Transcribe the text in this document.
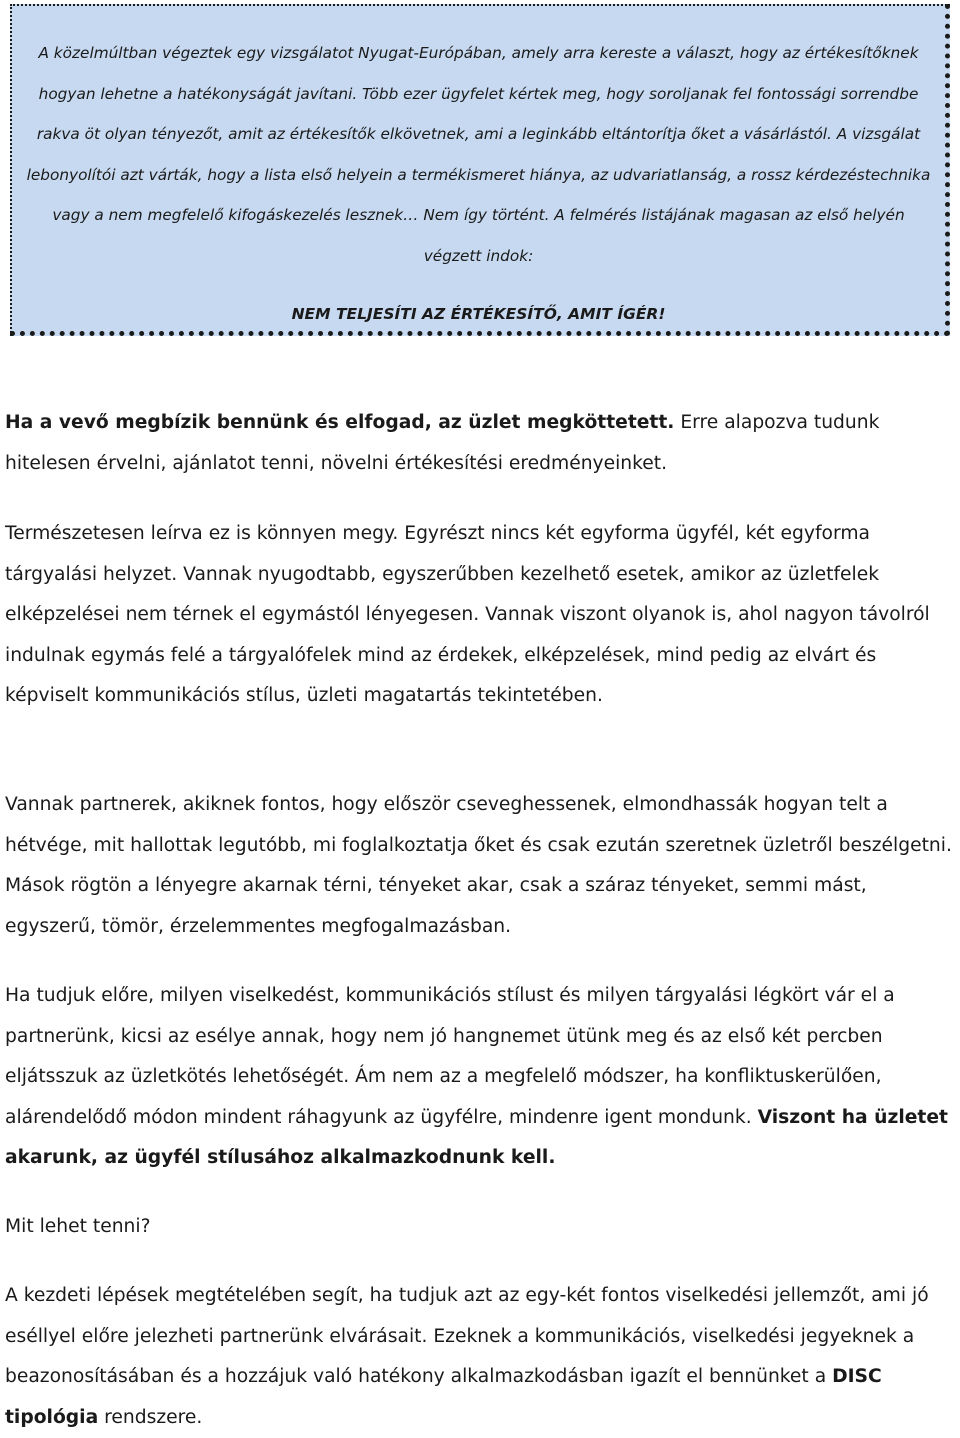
A közelmúltban végeztek egy vizsgálatot Nyugat-Európában, amely arra kereste a választ, hogy az értékesítőknek hogyan lehetne a hatékonyságát javítani. Több ezer ügyfelet kértek meg, hogy soroljanak fel fontossági sorrendbe rakva öt olyan tényezőt, amit az értékesítők elkövetnek, ami a leginkább eltántorítja őket a vásárlástól. A vizsgálat lebonyolítói azt várták, hogy a lista első helyein a termékismeret hiánya, az udvariatlanság, a rossz kérdezéstechnika vagy a nem megfelelő kifogáskezelés lesznek… Nem így történt. A felmérés listájának magasan az első helyén végzett indok:

NEM TELJESÍTI AZ ÉRTÉKESÍTŐ, AMIT ÍGÉR!

Ha a vevő megbízik bennünk és elfogad, az üzlet megköttetett. Erre alapozva tudunk hitelesen érvelni, ajánlatot tenni, növelni értékesítési eredményeinket.

Természetesen leírva ez is könnyen megy. Egyrészt nincs két egyforma ügyfél, két egyforma tárgyalási helyzet. Vannak nyugodtabb, egyszerűbben kezelhető esetek, amikor az üzletfelek elképzelései nem térnek el egymástól lényegesen. Vannak viszont olyanok is, ahol nagyon távolról indulnak egymás felé a tárgyalófelek mind az érdekek, elképzelések, mind pedig az elvárt és képviselt kommunikációs stílus, üzleti magatartás tekintetében.

Vannak partnerek, akiknek fontos, hogy először cseveghessenek, elmondhassák hogyan telt a hétvége, mit hallottak legutóbb, mi foglalkoztatja őket és csak ezután szeretnek üzletről beszélgetni. Mások rögtön a lényegre akarnak térni, tényeket akar, csak a száraz tényeket, semmi mást, egyszerű, tömör, érzelemmentes megfogalmazásban.

Ha tudjuk előre, milyen viselkedést, kommunikációs stílust és milyen tárgyalási légkört vár el a partnerünk, kicsi az esélye annak, hogy nem jó hangnemet ütünk meg és az első két percben eljátsszuk az üzletkötés lehetőségét. Ám nem az a megfelelő módszer, ha konfliktuskerülően, alárendelődő módon mindent ráhagyunk az ügyfélre, mindenre igent mondunk. Viszont ha üzletet akarunk, az ügyfél stílusához alkalmazkodnunk kell.

Mit lehet tenni?

A kezdeti lépések megtételében segít, ha tudjuk azt az egy-két fontos viselkedési jellemzőt, ami jó eséllyel előre jelezheti partnerünk elvárásait. Ezeknek a kommunikációs, viselkedési jegyeknek a beazonosításában és a hozzájuk való hatékony alkalmazkodásban igazít el bennünket a DISC tipológia rendszere.
